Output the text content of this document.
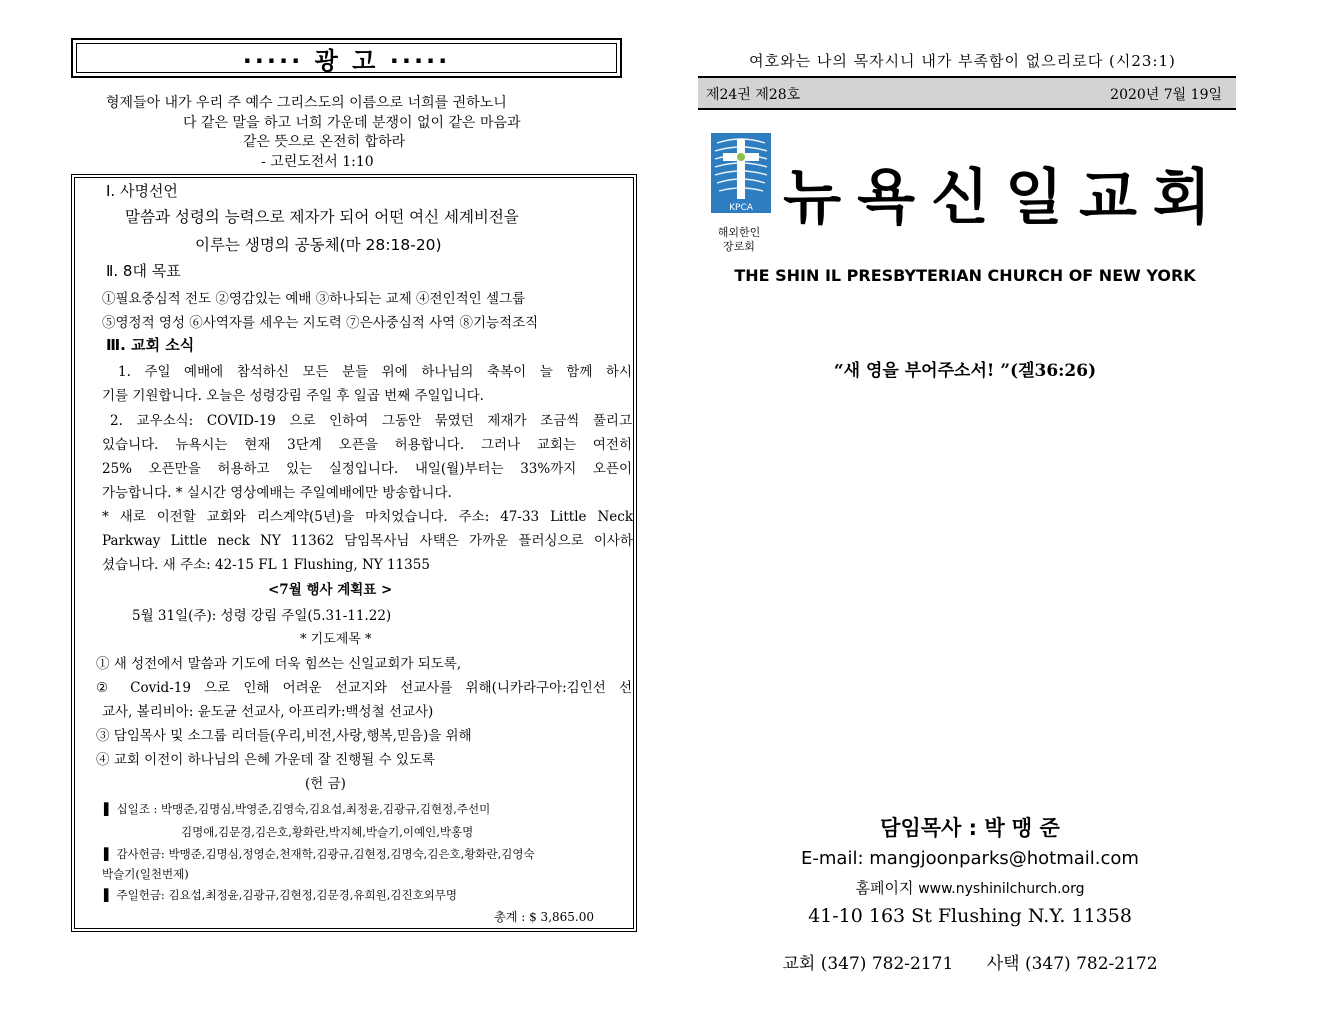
····· 광 고 ·····
형제들아 내가 우리 주 예수 그리스도의 이름으로 너희를 권하노니
다 같은 말을 하고 너희 가운데 분쟁이 없이 같은 마음과
같은 뜻으로 온전히 합하라
- 고린도전서 1:10
Ⅰ. 사명선언
말씀과 성령의 능력으로 제자가 되어 어떤 여신 세계비전을
이루는 생명의 공동체(마 28:18-20)
Ⅱ. 8대 목표
①필요중심적 전도 ②영감있는 예배 ③하나되는 교제 ④전인적인 셀그룹
⑤영정적 영성 ⑥사역자를 세우는 지도력 ⑦은사중심적 사역 ⑧기능적조직
Ⅲ. 교회 소식
1. 주일 예배에 참석하신 모든 분들 위에 하나님의 축복이 늘 함께 하시
기를 기원합니다. 오늘은 성령강림 주일 후 일곱 번째 주일입니다.
2. 교우소식: COVID-19 으로 인하여 그동안 묶였던 제재가 조금씩 풀리고
있습니다. 뉴욕시는 현재 3단계 오픈을 허용합니다. 그러나 교회는 여전히
25% 오픈만을 허용하고 있는 실정입니다. 내일(월)부터는 33%까지 오픈이
가능합니다. * 실시간 영상예배는 주일예배에만 방송합니다.
* 새로 이전할 교회와 리스계약(5년)을 마치었습니다. 주소: 47-33 Little Neck
Parkway Little neck NY 11362 담임목사님 사택은 가까운 플러싱으로 이사하
셨습니다. 새 주소: 42-15 FL 1 Flushing, NY 11355
<7월 행사 계획표 >
5월 31일(주): 성령 강림 주일(5.31-11.22)
* 기도제목 *
① 새 성전에서 말씀과 기도에 더욱 힘쓰는 신일교회가 되도록,
② Covid-19 으로 인해 어려운 선교지와 선교사를 위해(니카라구아:김인선 선
교사, 볼리비아: 윤도균 선교사, 아프리카:백성철 선교사)
③ 담임목사 및 소그룹 리더들(우리,비전,사랑,행복,믿음)을 위해
④ 교회 이전이 하나님의 은혜 가운데 잘 진행될 수 있도록
(헌 금)
▌ 십일조 : 박맹준,김명심,박영준,김영숙,김요섭,최정윤,김광규,김현정,주선미
김명애,김문경,김은호,황화란,박지혜,박슬기,이예인,박홍명
▌ 감사헌금: 박맹준,김명심,정영순,천재학,김광규,김현정,김명숙,김은호,황화란,김영숙
박슬기(일천번제)
▌ 주일헌금: 김요섭,최정윤,김광규,김현정,김문경,유희원,김진호외무명
총계 : $ 3,865.00
여호와는 나의 목자시니 내가 부족함이 없으리로다 (시23:1)
제24권 제28호	2020년 7월 19일
KPCA
해외한인
장로회
뉴욕신일교회
THE SHIN IL PRESBYTERIAN CHURCH OF NEW YORK
“새 영을 부어주소서! ”(겔36:26)
담임목사 : 박 맹 준
E-mail: mangjoonparks@hotmail.com
홈페이지 www.nyshinilchurch.org
41-10 163 St Flushing N.Y. 11358
교회 (347) 782-2171 사택 (347) 782-2172
